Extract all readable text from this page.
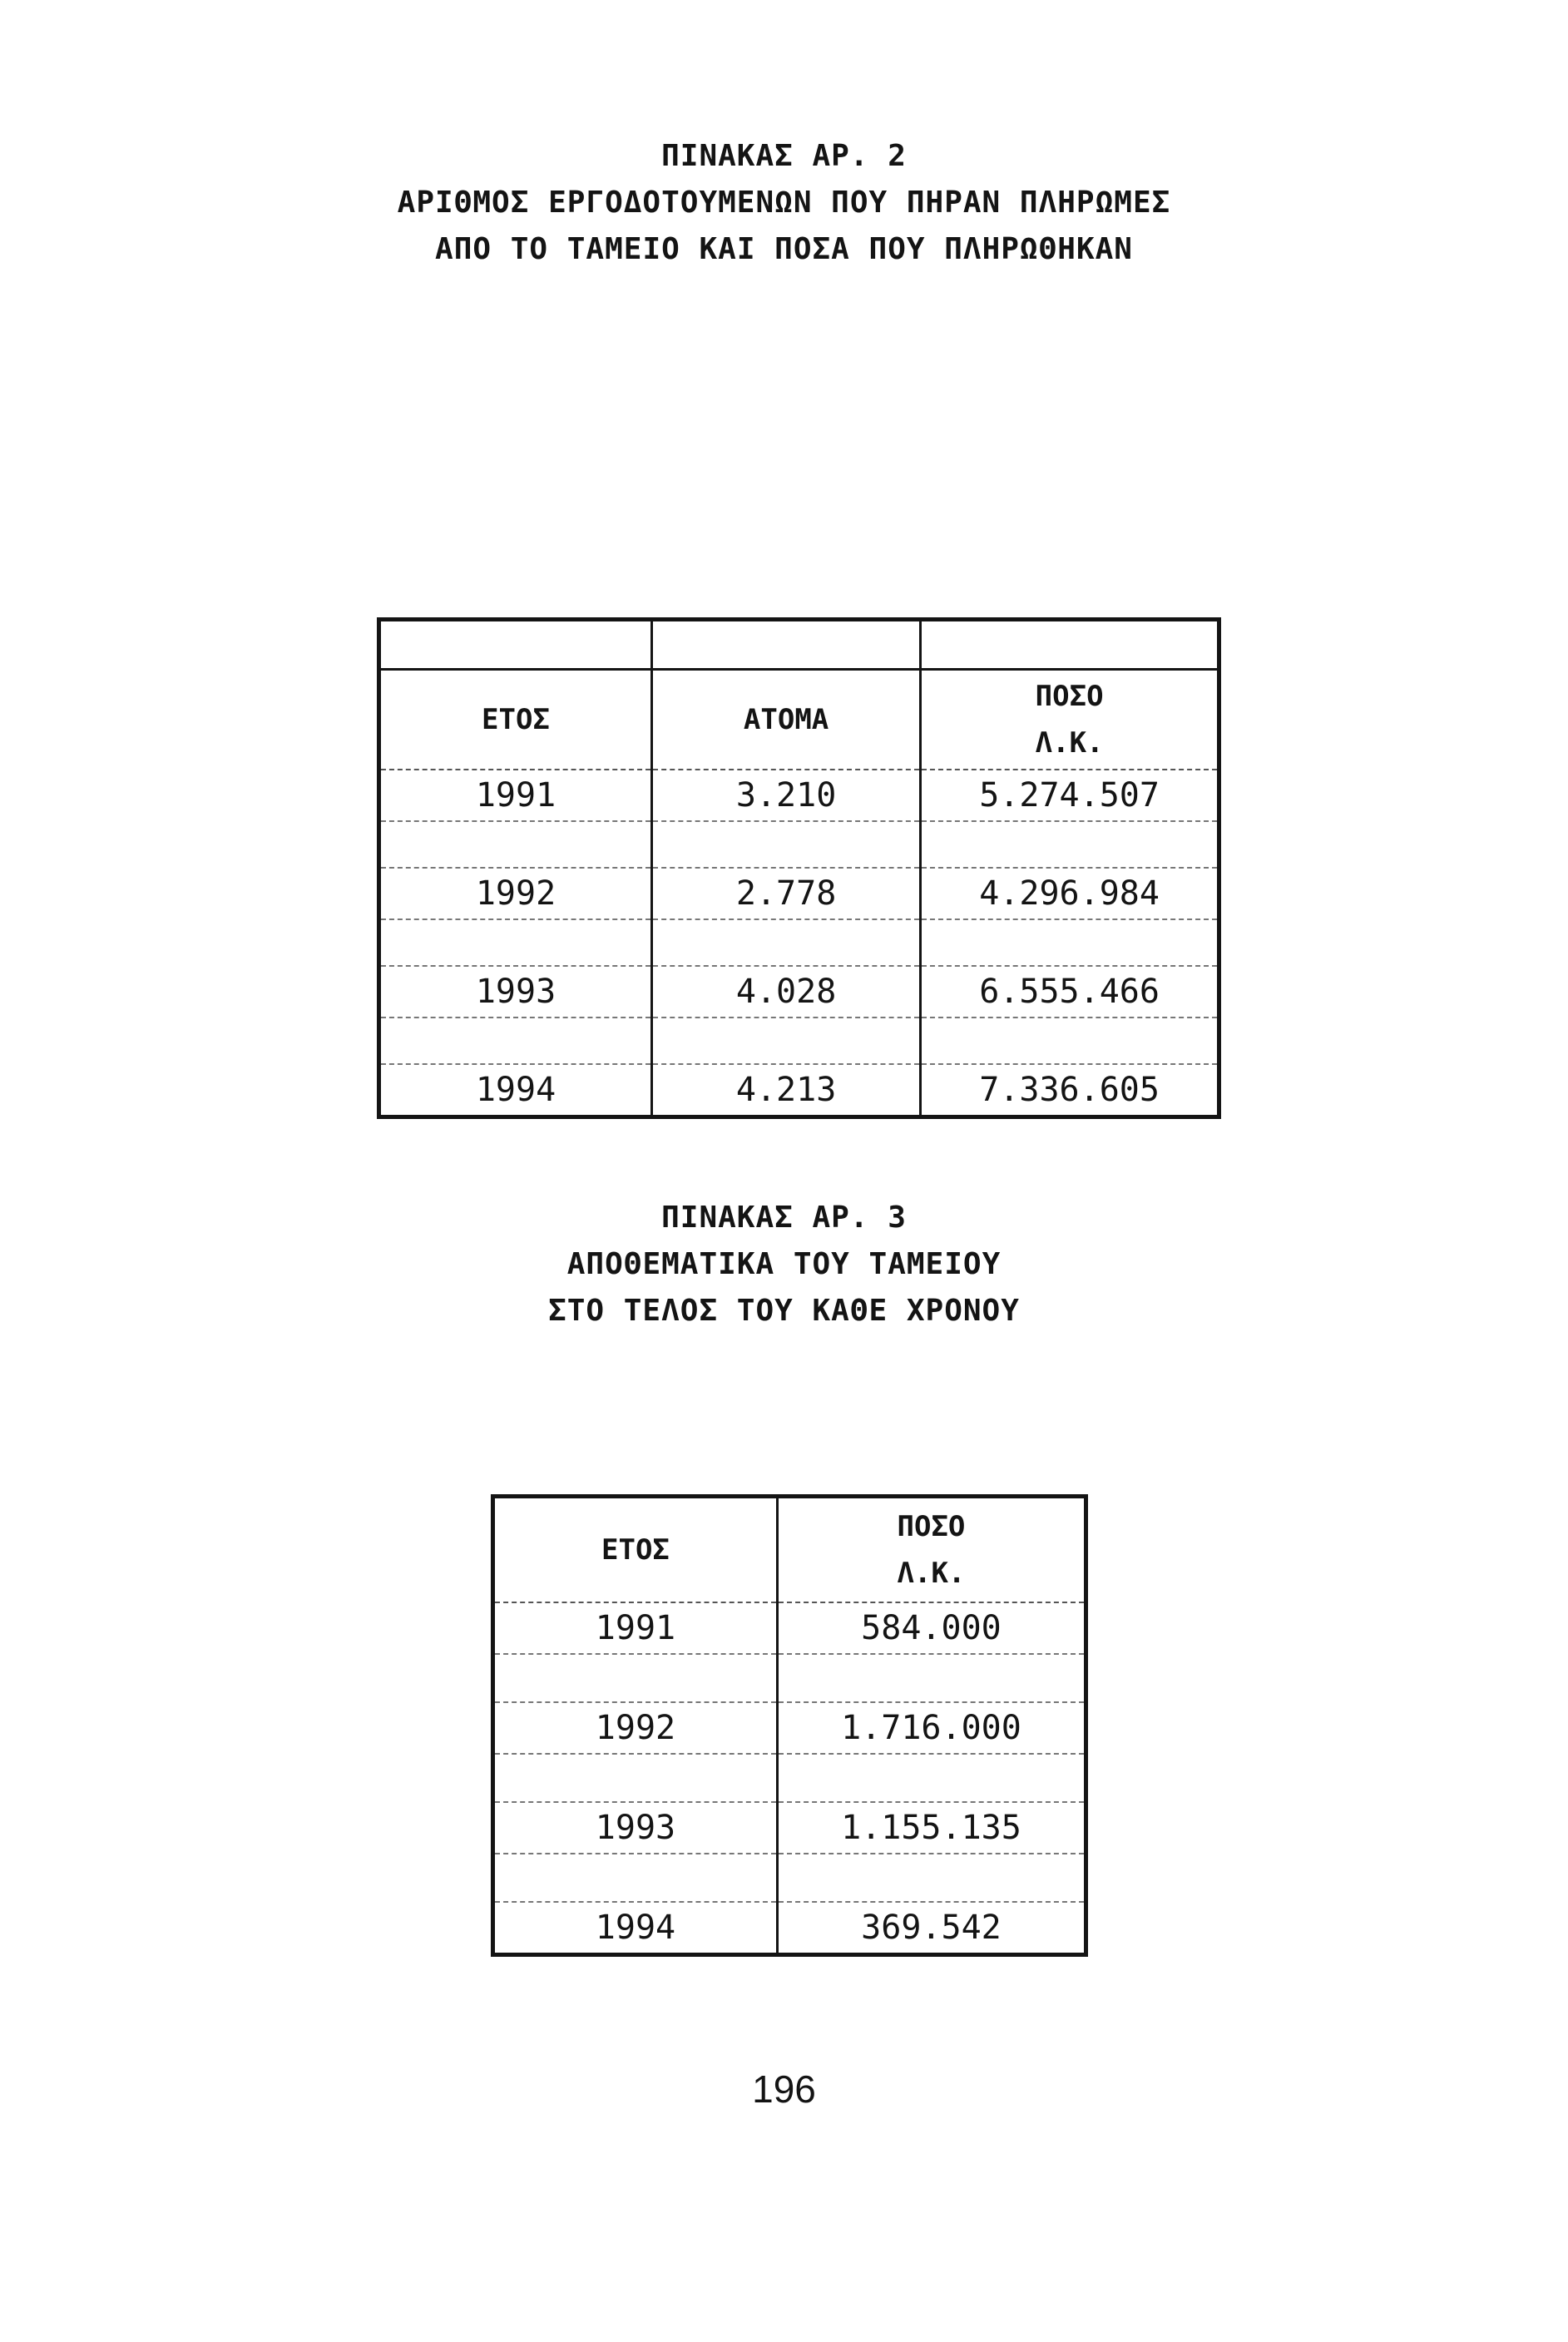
ΠΙΝΑΚΑΣ ΑΡ. 2
ΑΡΙΘΜΟΣ ΕΡΓΟΔΟΤΟΥΜΕΝΩΝ ΠΟΥ ΠΗΡΑΝ ΠΛΗΡΩΜΕΣ
ΑΠΟ ΤΟ ΤΑΜΕΙΟ ΚΑΙ ΠΟΣΑ ΠΟΥ ΠΛΗΡΩΘΗΚΑΝ

ΕΤΟΣ	ΑΤΟΜΑ	ΠΟΣΟ
Λ.Κ.

1991	3.210	5.274.507

1992	2.778	4.296.984

1993	4.028	6.555.466

1994	4.213	7.336.605
ΠΙΝΑΚΑΣ ΑΡ. 3
ΑΠΟΘΕΜΑΤΙΚΑ ΤΟΥ ΤΑΜΕΙΟΥ
ΣΤΟ ΤΕΛΟΣ ΤΟΥ ΚΑΘΕ ΧΡΟΝΟΥ
ΕΤΟΣ	ΠΟΣΟ
Λ.Κ.

1991	584.000

1992	1.716.000

1993	1.155.135

1994	369.542
196
